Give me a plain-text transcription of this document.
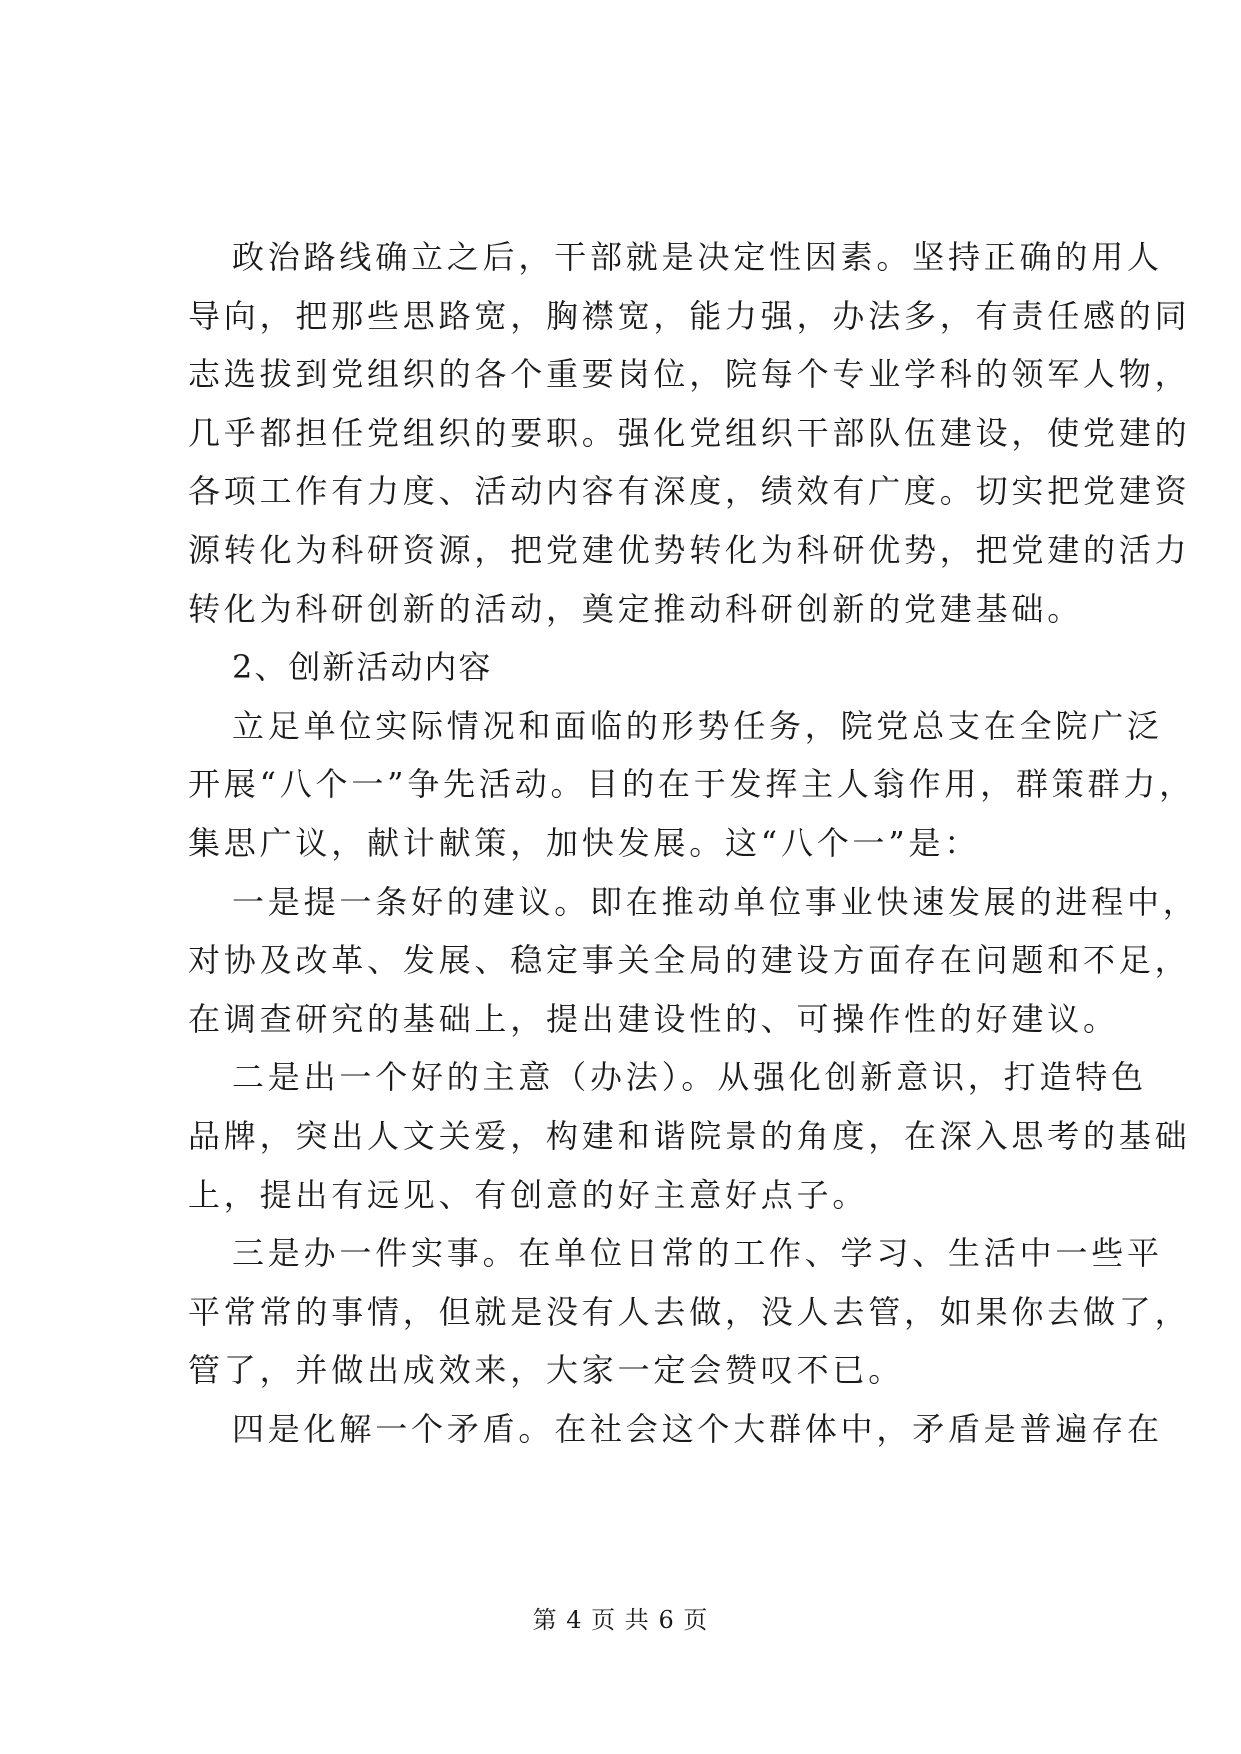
政治路线确立之后，干部就是决定性因素。坚持正确的用人
导向，把那些思路宽，胸襟宽，能力强，办法多，有责任感的同
志选拔到党组织的各个重要岗位，院每个专业学科的领军人物，
几乎都担任党组织的要职。强化党组织干部队伍建设，使党建的
各项工作有力度、活动内容有深度，绩效有广度。切实把党建资
源转化为科研资源，把党建优势转化为科研优势，把党建的活力
转化为科研创新的活动，奠定推动科研创新的党建基础。
2、创新活动内容
立足单位实际情况和面临的形势任务，院党总支在全院广泛
开展“八个一”争先活动。目的在于发挥主人翁作用，群策群力，
集思广议，献计献策，加快发展。这“八个一”是：
一是提一条好的建议。即在推动单位事业快速发展的进程中，
对协及改革、发展、稳定事关全局的建设方面存在问题和不足，
在调查研究的基础上，提出建设性的、可操作性的好建议。
二是出一个好的主意（办法）。从强化创新意识，打造特色
品牌，突出人文关爱，构建和谐院景的角度，在深入思考的基础
上，提出有远见、有创意的好主意好点子。
三是办一件实事。在单位日常的工作、学习、生活中一些平
平常常的事情，但就是没有人去做，没人去管，如果你去做了，
管了，并做出成效来，大家一定会赞叹不已。
四是化解一个矛盾。在社会这个大群体中，矛盾是普遍存在
第 4 页 共 6 页
